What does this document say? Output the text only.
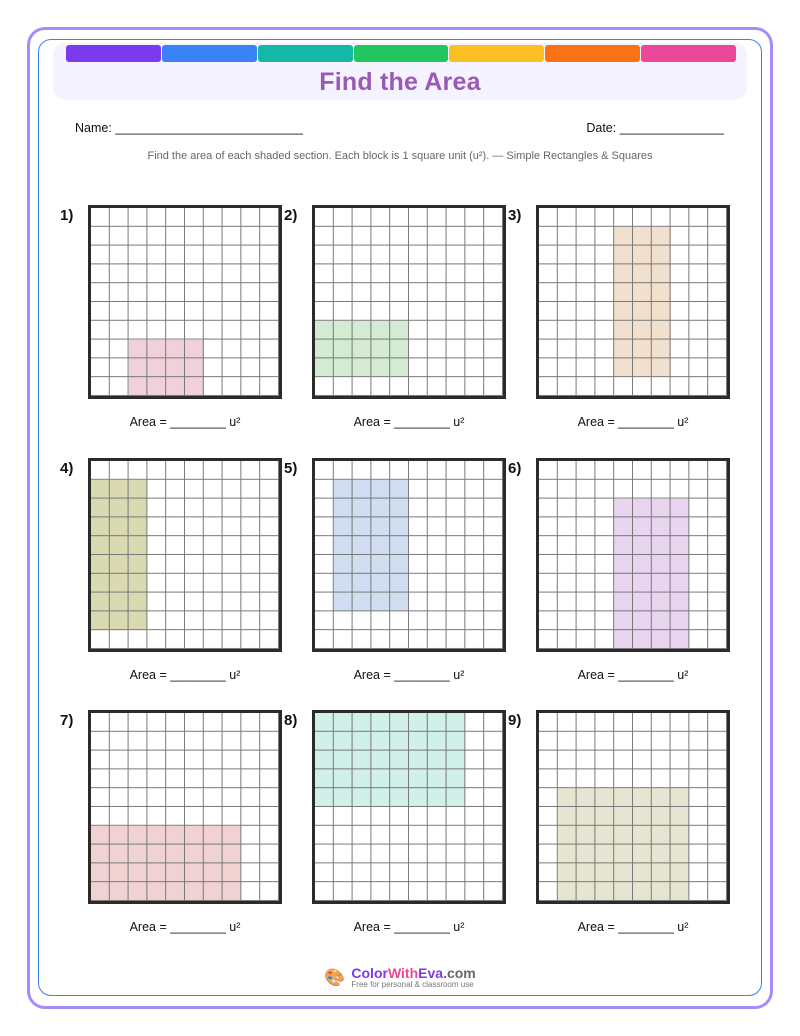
Find the Area
Name: ___________________________	Date: _______________
Find the area of each shaded section. Each block is 1 square unit (u²). — Simple Rectangles & Squares
1)
Area = ________ u²
2)
Area = ________ u²
3)
Area = ________ u²
4)
Area = ________ u²
5)
Area = ________ u²
6)
Area = ________ u²
7)
Area = ________ u²
8)
Area = ________ u²
9)
Area = ________ u²
🎨 ColorWithEva.com
Free for personal & classroom use
